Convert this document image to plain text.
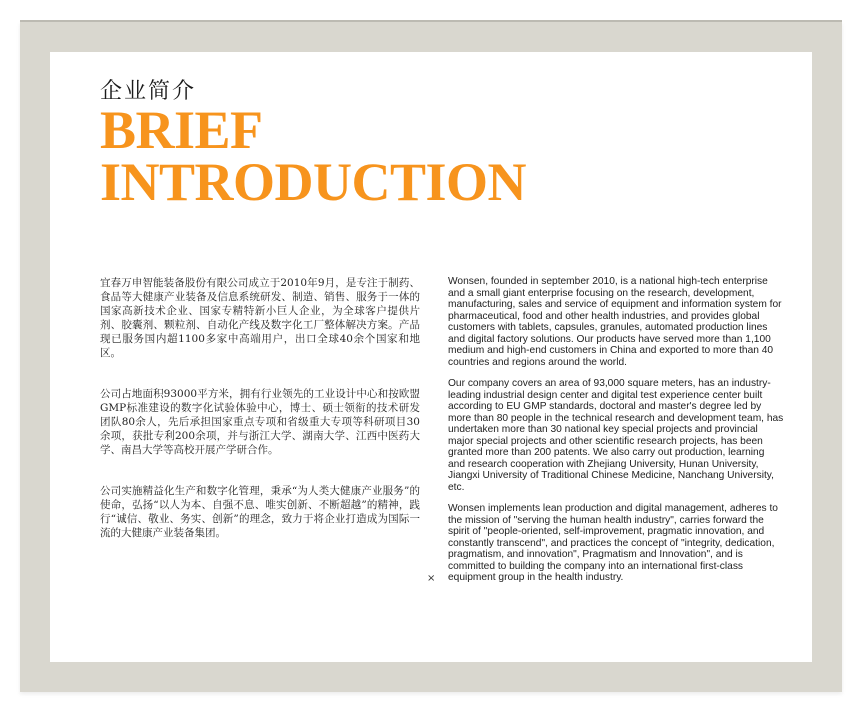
企业简介
BRIEF
INTRODUCTION

宜春万申智能装备股份有限公司成立于2010年9月，是专注于制药、食品等大健康产业装备及信息系统研发、制造、销售、服务于一体的国家高新技术企业、国家专精特新小巨人企业，为全球客户提供片剂、胶囊剂、颗粒剂、自动化产线及数字化工厂整体解决方案。产品现已服务国内超1100多家中高端用户，出口全球40余个国家和地区。

公司占地面积93000平方米，拥有行业领先的工业设计中心和按欧盟GMP标准建设的数字化试验体验中心，博士、硕士领衔的技术研发团队80余人，先后承担国家重点专项和省级重大专项等科研项目30余项，获批专利200余项，并与浙江大学、湖南大学、江西中医药大学、南昌大学等高校开展产学研合作。

公司实施精益化生产和数字化管理，秉承“为人类大健康产业服务”的使命，弘扬“以人为本、自强不息、唯实创新、不断超越”的精神，践行“诚信、敬业、务实、创新”的理念，致力于将企业打造成为国际一流的大健康产业装备集团。

×

Wonsen, founded in september 2010, is a national high-tech enterprise and a small giant enterprise focusing on the research, development, manufacturing, sales and service of equipment and information system for pharmaceutical, food and other health industries, and provides global customers with tablets, capsules, granules, automated production lines and digital factory solutions. Our products have served more than 1,100 medium and high-end customers in China and exported to more than 40 countries and regions around the world.

Our company covers an area of 93,000 square meters, has an industry-leading industrial design center and digital test experience center built according to EU GMP standards, doctoral and master's degree led by more than 80 people in the technical research and development team, has undertaken more than 30 national key special projects and provincial major special projects and other scientific research projects, has been granted more than 200 patents. We also carry out production, learning and research cooperation with Zhejiang University, Hunan University, Jiangxi University of Traditional Chinese Medicine, Nanchang University, etc.

Wonsen implements lean production and digital management, adheres to the mission of "serving the human health industry", carries forward the spirit of "people-oriented, self-improvement, pragmatic innovation, and constantly transcend", and practices the concept of "integrity, dedication, pragmatism, and innovation", Pragmatism and Innovation", and is committed to building the company into an international first-class equipment group in the health industry.
